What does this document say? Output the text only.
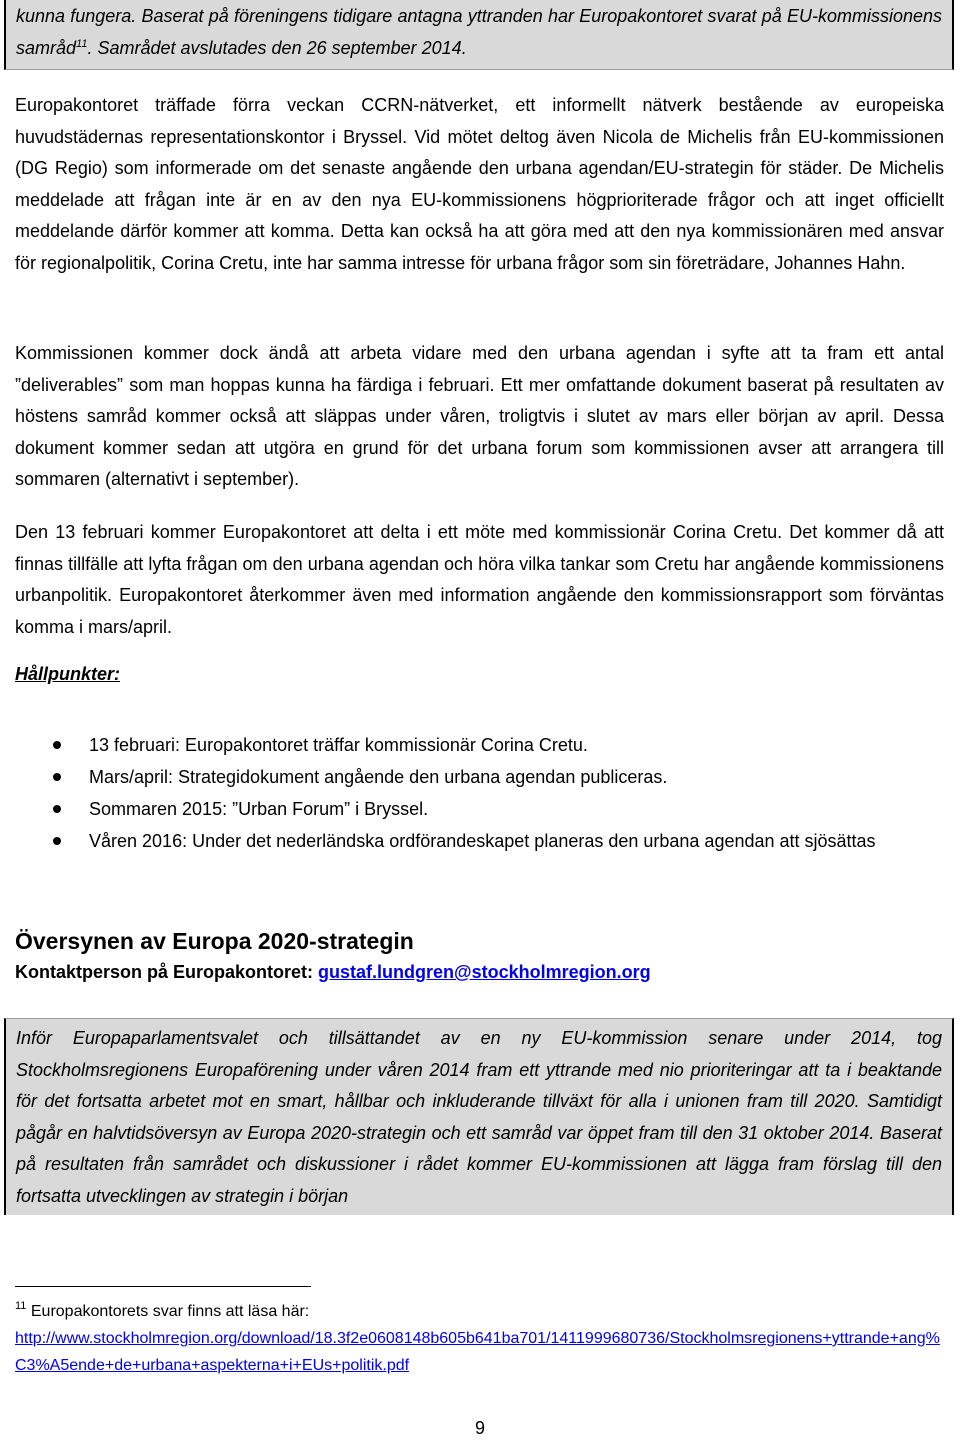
kunna fungera. Baserat på föreningens tidigare antagna yttranden har Europakontoret svarat på EU-kommissionens samråd$^{11}$. Samrådet avslutades den 26 september 2014.

Europakontoret träffade förra veckan CCRN-nätverket, ett informellt nätverk bestående av europeiska huvudstädernas representationskontor i Bryssel. Vid mötet deltog även Nicola de Michelis från EU-kommissionen (DG Regio) som informerade om det senaste angående den urbana agendan/EU-strategin för städer. De Michelis meddelade att frågan inte är en av den nya EU-kommissionens högprioriterade frågor och att inget officiellt meddelande därför kommer att komma. Detta kan också ha att göra med att den nya kommissionären med ansvar för regionalpolitik, Corina Cretu, inte har samma intresse för urbana frågor som sin företrädare, Johannes Hahn.

Kommissionen kommer dock ändå att arbeta vidare med den urbana agendan i syfte att ta fram ett antal ”deliverables” som man hoppas kunna ha färdiga i februari. Ett mer omfattande dokument baserat på resultaten av höstens samråd kommer också att släppas under våren, troligtvis i slutet av mars eller början av april. Dessa dokument kommer sedan att utgöra en grund för det urbana forum som kommissionen avser att arrangera till sommaren (alternativt i september).

Den 13 februari kommer Europakontoret att delta i ett möte med kommissionär Corina Cretu. Det kommer då att finnas tillfälle att lyfta frågan om den urbana agendan och höra vilka tankar som Cretu har angående kommissionens urbanpolitik. Europakontoret återkommer även med information angående den kommissionsrapport som förväntas komma i mars/april.

Hållpunkter:

13 februari: Europakontoret träffar kommissionär Corina Cretu.
Mars/april: Strategidokument angående den urbana agendan publiceras.
Sommaren 2015: ”Urban Forum” i Bryssel.
Våren 2016: Under det nederländska ordförandeskapet planeras den urbana agendan att sjösättas
Översynen av Europa 2020-strategin

Kontaktperson på Europakontoret: gustaf.lundgren@stockholmregion.org

Inför Europaparlamentsvalet och tillsättandet av en ny EU-kommission senare under 2014, tog Stockholmsregionens Europaförening under våren 2014 fram ett yttrande med nio prioriteringar att ta i beaktande för det fortsatta arbetet mot en smart, hållbar och inkluderande tillväxt för alla i unionen fram till 2020. Samtidigt pågår en halvtidsöversyn av Europa 2020-strategin och ett samråd var öppet fram till den 31 oktober 2014. Baserat på resultaten från samrådet och diskussioner i rådet kommer EU-kommissionen att lägga fram förslag till den fortsatta utvecklingen av strategin i början

$^{11}$ Europakontorets svar finns att läsa här:
http://www.stockholmregion.org/download/18.3f2e0608148b605b641ba701/1411999680736/Stockholmsregionens+yttrande+ang%C3%A5ende+de+urbana+aspekterna+i+EUs+politik.pdf
9
